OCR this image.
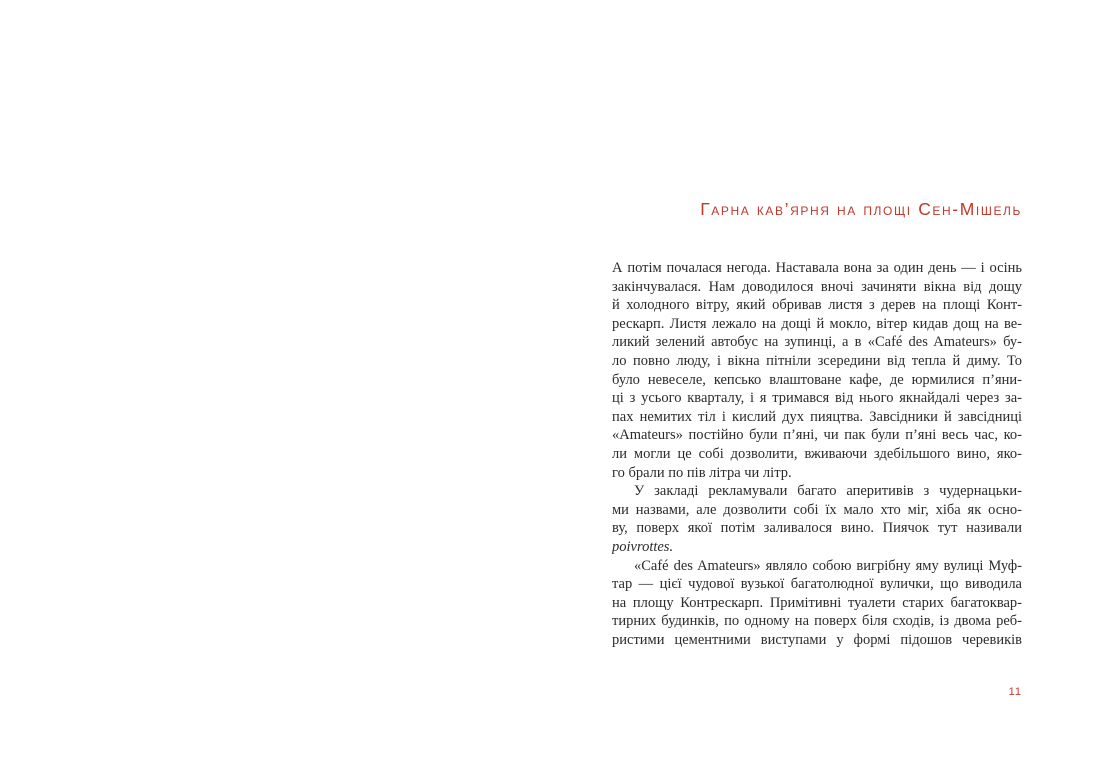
Гарна кав’ярня на площі Сен-Мішель
А потім почалася негода. Наставала вона за один день — і осінь
закінчувалася. Нам доводилося вночі зачиняти вікна від дощу
й холодного вітру, який обривав листя з дерев на площі Конт-
рескарп. Листя лежало на дощі й мокло, вітер кидав дощ на ве-
ликий зелений автобус на зупинці, а в «Café des Amateurs» бу-
ло повно люду, і вікна пітніли зсередини від тепла й диму. То
було невеселе, кепсько влаштоване кафе, де юрмилися п’яни-
ці з усього кварталу, і я тримався від нього якнайдалі через за-
пах немитих тіл і кислий дух пияцтва. Завсідники й завсідниці
«Amateurs» постійно були п’яні, чи пак були п’яні весь час, ко-
ли могли це собі дозволити, вживаючи здебільшого вино, яко-
го брали по пів літра чи літр.
У закладі рекламували багато аперитивів з чудернацьки-
ми назвами, але дозволити собі їх мало хто міг, хіба як осно-
ву, поверх якої потім заливалося вино. Пиячок тут називали
poivrottes.
«Café des Amateurs» являло собою вигрібну яму вулиці Муф-
тар — цієї чудової вузької багатолюдної вулички, що виводила
на площу Контрескарп. Примітивні туалети старих багатоквар-
тирних будинків, по одному на поверх біля сходів, із двома реб-
ристими цементними виступами у формі підошов черевиків
11
